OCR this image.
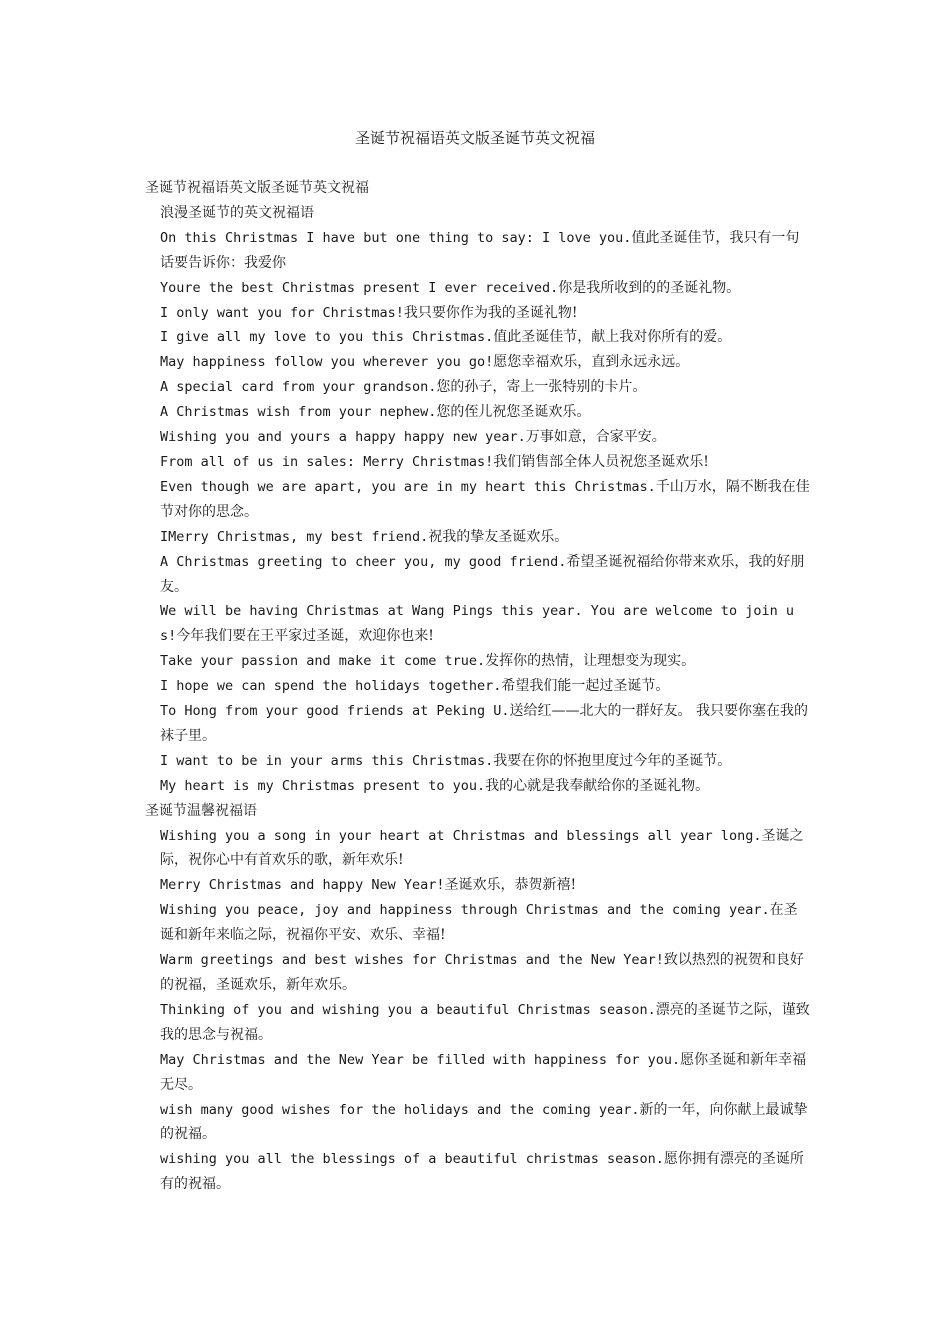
圣诞节祝福语英文版圣诞节英文祝福

圣诞节祝福语英文版圣诞节英文祝福

浪漫圣诞节的英文祝福语

On this Christmas I have but one thing to say: I love you.值此圣诞佳节，我只有一句话要告诉你：我爱你

Youre the best Christmas present I ever received.你是我所收到的的圣诞礼物。

I only want you for Christmas!我只要你作为我的圣诞礼物!

I give all my love to you this Christmas.值此圣诞佳节，献上我对你所有的爱。

May happiness follow you wherever you go!愿您幸福欢乐，直到永远永远。

A special card from your grandson.您的孙子，寄上一张特别的卡片。

A Christmas wish from your nephew.您的侄儿祝您圣诞欢乐。

Wishing you and yours a happy happy new year.万事如意，合家平安。

From all of us in sales: Merry Christmas!我们销售部全体人员祝您圣诞欢乐!

Even though we are apart, you are in my heart this Christmas.千山万水，隔不断我在佳节对你的思念。

IMerry Christmas, my best friend.祝我的挚友圣诞欢乐。

A Christmas greeting to cheer you, my good friend.希望圣诞祝福给你带来欢乐，我的好朋友。

We will be having Christmas at Wang Pings this year. You are welcome to join us!今年我们要在王平家过圣诞，欢迎你也来!

Take your passion and make it come true.发挥你的热情，让理想变为现实。

I hope we can spend the holidays together.希望我们能一起过圣诞节。

To Hong from your good friends at Peking U.送给红——北大的一群好友。 我只要你塞在我的袜子里。

I want to be in your arms this Christmas.我要在你的怀抱里度过今年的圣诞节。

My heart is my Christmas present to you.我的心就是我奉献给你的圣诞礼物。

圣诞节温馨祝福语

Wishing you a song in your heart at Christmas and blessings all year long.圣诞之际，祝你心中有首欢乐的歌，新年欢乐!

Merry Christmas and happy New Year!圣诞欢乐，恭贺新禧!

Wishing you peace, joy and happiness through Christmas and the coming year.在圣诞和新年来临之际，祝福你平安、欢乐、幸福!

Warm greetings and best wishes for Christmas and the New Year!致以热烈的祝贺和良好的祝福，圣诞欢乐，新年欢乐。

Thinking of you and wishing you a beautiful Christmas season.漂亮的圣诞节之际，谨致我的思念与祝福。

May Christmas and the New Year be filled with happiness for you.愿你圣诞和新年幸福无尽。

wish many good wishes for the holidays and the coming year.新的一年，向你献上最诚挚的祝福。

wishing you all the blessings of a beautiful christmas season.愿你拥有漂亮的圣诞所有的祝福。
